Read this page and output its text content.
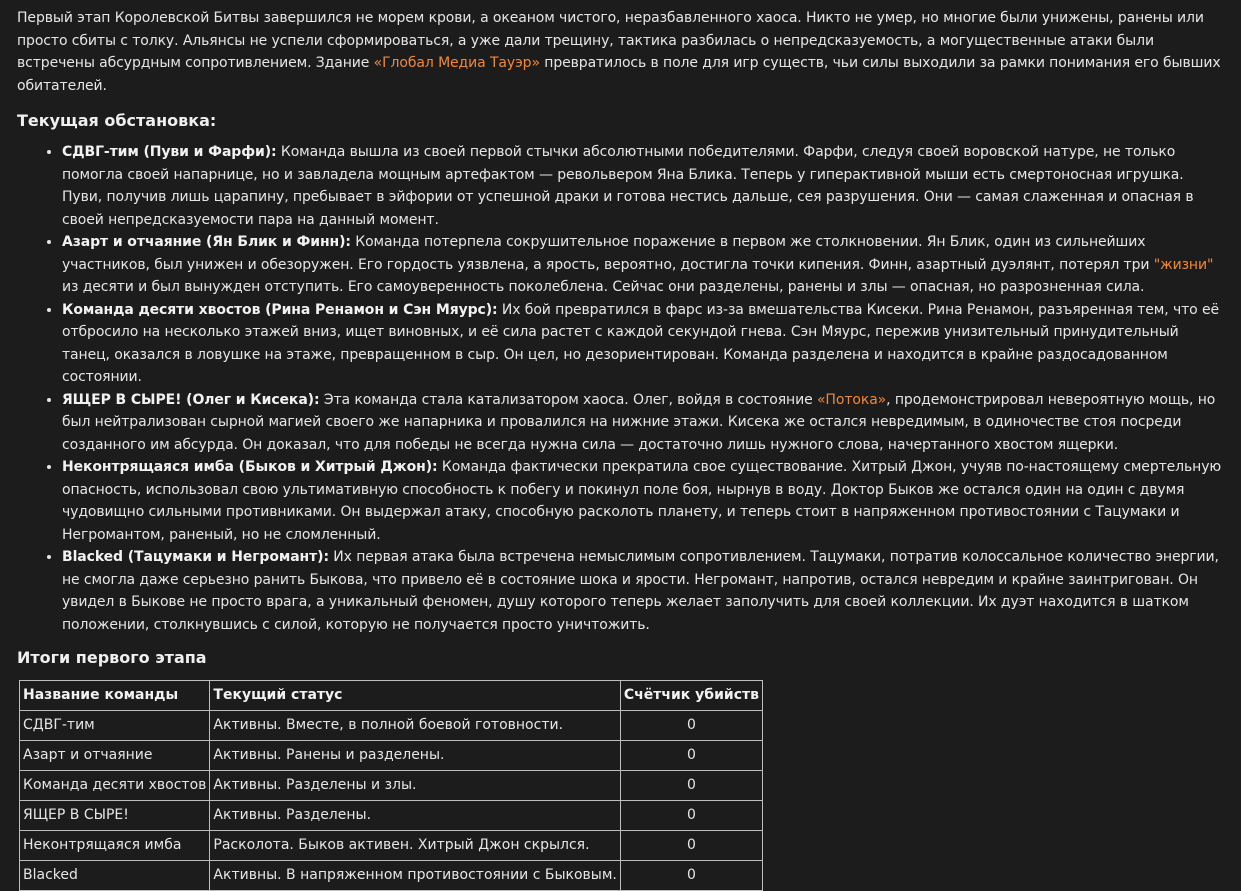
Первый этап Королевской Битвы завершился не морем крови, а океаном чистого, неразбавленного хаоса. Никто не умер, но многие были унижены, ранены или просто сбиты с толку. Альянсы не успели сформироваться, а уже дали трещину, тактика разбилась о непредсказуемость, а могущественные атаки были встречены абсурдным сопротивлением. Здание «Глобал Медиа Тауэр» превратилось в поле для игр существ, чьи силы выходили за рамки понимания его бывших обитателей.

Текущая обстановка:
• СДВГ-тим (Пуви и Фарфи): Команда вышла из своей первой стычки абсолютными победителями. Фарфи, следуя своей воровской натуре, не только помогла своей напарнице, но и завладела мощным артефактом — револьвером Яна Блика. Теперь у гиперактивной мыши есть смертоносная игрушка. Пуви, получив лишь царапину, пребывает в эйфории от успешной драки и готова нестись дальше, сея разрушения. Они — самая слаженная и опасная в своей непредсказуемости пара на данный момент.
• Азарт и отчаяние (Ян Блик и Финн): Команда потерпела сокрушительное поражение в первом же столкновении. Ян Блик, один из сильнейших участников, был унижен и обезоружен. Его гордость уязвлена, а ярость, вероятно, достигла точки кипения. Финн, азартный дуэлянт, потерял три "жизни" из десяти и был вынужден отступить. Его самоуверенность поколеблена. Сейчас они разделены, ранены и злы — опасная, но разрозненная сила.
• Команда десяти хвостов (Рина Ренамон и Сэн Мяурс): Их бой превратился в фарс из-за вмешательства Кисеки. Рина Ренамон, разъяренная тем, что её отбросило на несколько этажей вниз, ищет виновных, и её сила растет с каждой секундой гнева. Сэн Мяурс, пережив унизительный принудительный танец, оказался в ловушке на этаже, превращенном в сыр. Он цел, но дезориентирован. Команда разделена и находится в крайне раздосадованном состоянии.
• ЯЩЕР В СЫРЕ! (Олег и Кисека): Эта команда стала катализатором хаоса. Олег, войдя в состояние «Потока», продемонстрировал невероятную мощь, но был нейтрализован сырной магией своего же напарника и провалился на нижние этажи. Кисека же остался невредимым, в одиночестве стоя посреди созданного им абсурда. Он доказал, что для победы не всегда нужна сила — достаточно лишь нужного слова, начертанного хвостом ящерки.
• Неконтрящаяся имба (Быков и Хитрый Джон): Команда фактически прекратила свое существование. Хитрый Джон, учуяв по-настоящему смертельную опасность, использовал свою ультимативную способность к побегу и покинул поле боя, нырнув в воду. Доктор Быков же остался один на один с двумя чудовищно сильными противниками. Он выдержал атаку, способную расколоть планету, и теперь стоит в напряженном противостоянии с Тацумаки и Негромантом, раненый, но не сломленный.
• Blacked (Тацумаки и Негромант): Их первая атака была встречена немыслимым сопротивлением. Тацумаки, потратив колоссальное количество энергии, не смогла даже серьезно ранить Быкова, что привело её в состояние шока и ярости. Негромант, напротив, остался невредим и крайне заинтригован. Он увидел в Быкове не просто врага, а уникальный феномен, душу которого теперь желает заполучить для своей коллекции. Их дуэт находится в шатком положении, столкнувшись с силой, которую не получается просто уничтожить.
Итоги первого этапа
Название команды	Текущий статус	Счётчик убийств
СДВГ-тим	Активны. Вместе, в полной боевой готовности.	0
Азарт и отчаяние	Активны. Ранены и разделены.	0
Команда десяти хвостов	Активны. Разделены и злы.	0
ЯЩЕР В СЫРЕ!	Активны. Разделены.	0
Неконтрящаяся имба	Расколота. Быков активен. Хитрый Джон скрылся.	0
Blacked	Активны. В напряженном противостоянии с Быковым.	0
